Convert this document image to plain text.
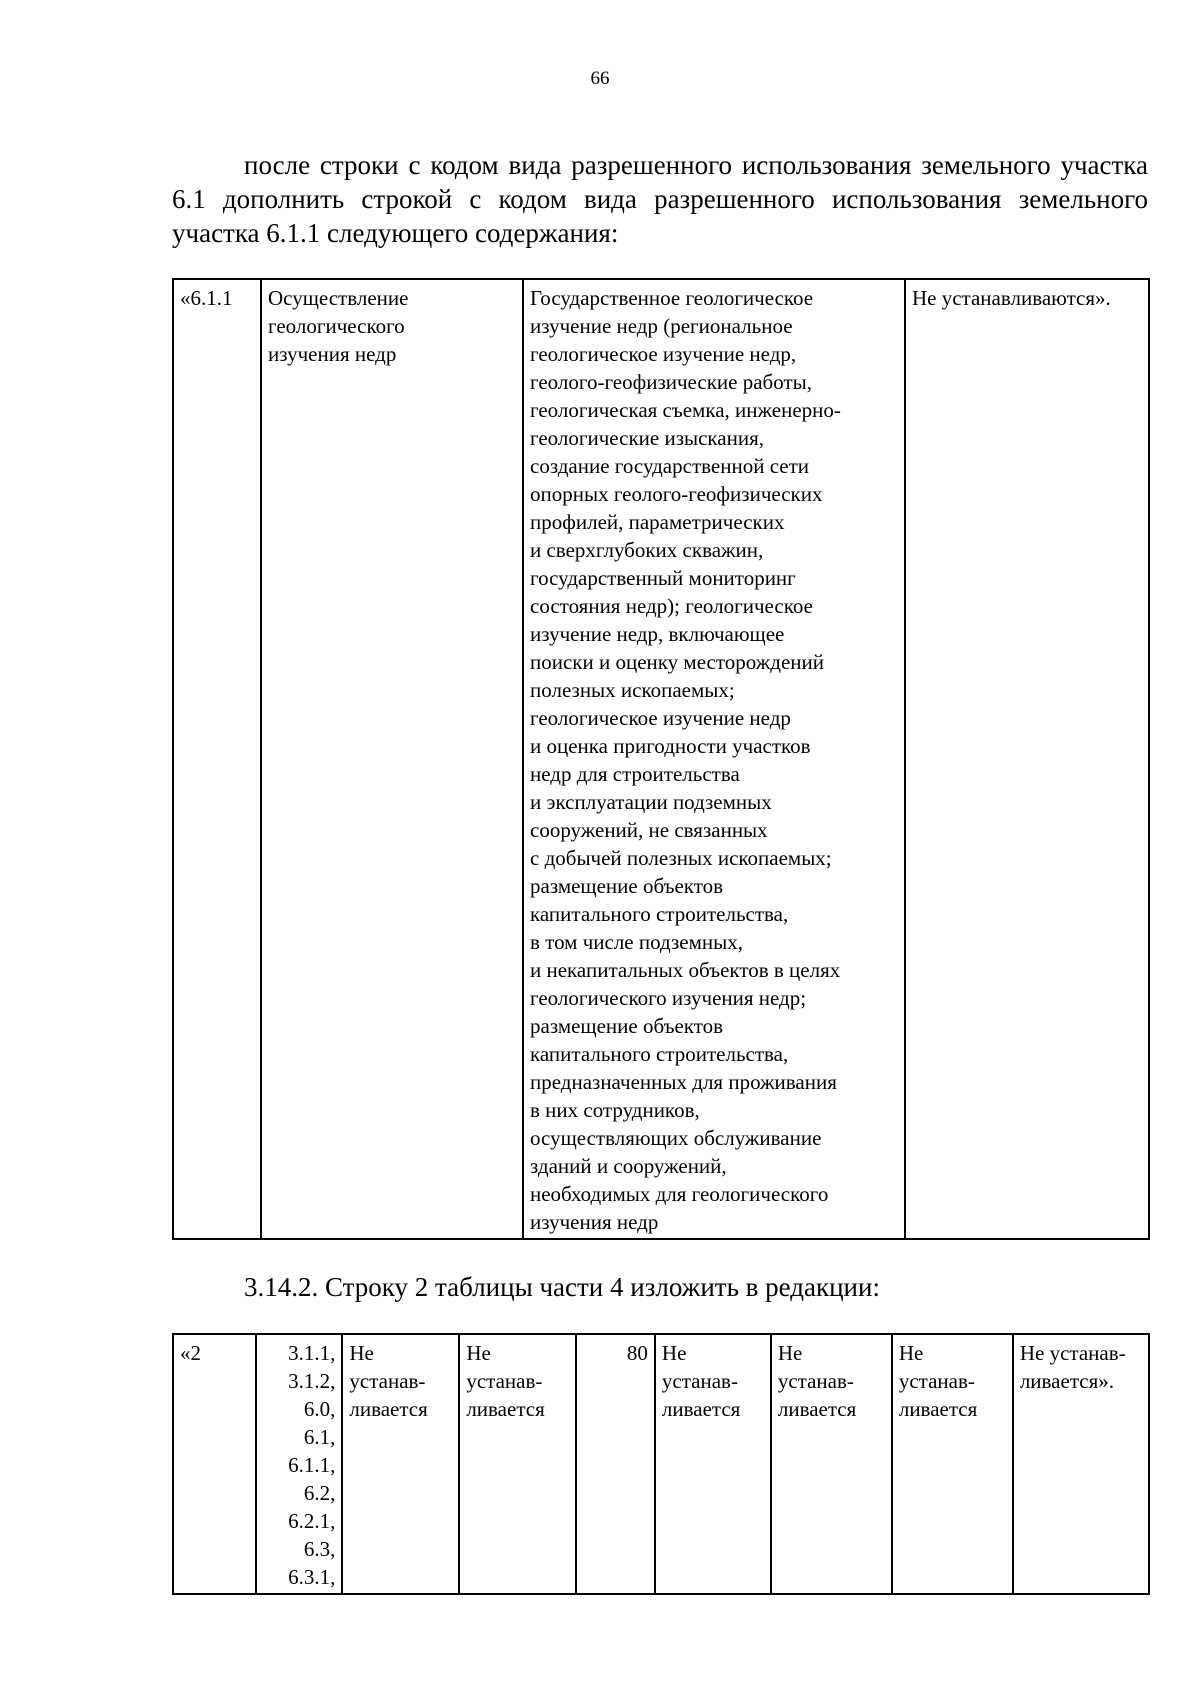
66

после строки с кодом вида разрешенного использования земельного участка 6.1 дополнить строкой с кодом вида разрешенного использования земельного участка 6.1.1 следующего содержания:

«6.1.1	Осуществление
геологического
изучения недр	Государственное геологическое
изучение недр (региональное
геологическое изучение недр,
геолого-геофизические работы,
геологическая съемка, инженерно-
геологические изыскания,
создание государственной сети
опорных геолого-геофизических
профилей, параметрических
и сверхглубоких скважин,
государственный мониторинг
состояния недр); геологическое
изучение недр, включающее
поиски и оценку месторождений
полезных ископаемых;
геологическое изучение недр
и оценка пригодности участков
недр для строительства
и эксплуатации подземных
сооружений, не связанных
с добычей полезных ископаемых;
размещение объектов
капитального строительства,
в том числе подземных,
и некапитальных объектов в целях
геологического изучения недр;
размещение объектов
капитального строительства,
предназначенных для проживания
в них сотрудников,
осуществляющих обслуживание
зданий и сооружений,
необходимых для геологического
изучения недр	Не устанавливаются».

3.14.2. Строку 2 таблицы части 4 изложить в редакции:

«2	3.1.1,
3.1.2,
6.0,
6.1,
6.1.1,
6.2,
6.2.1,
6.3,
6.3.1,	Не
устанав-
ливается	Не
устанав-
ливается	80	Не
устанав-
ливается	Не
устанав-
ливается	Не
устанав-
ливается	Не устанав-
ливается».
